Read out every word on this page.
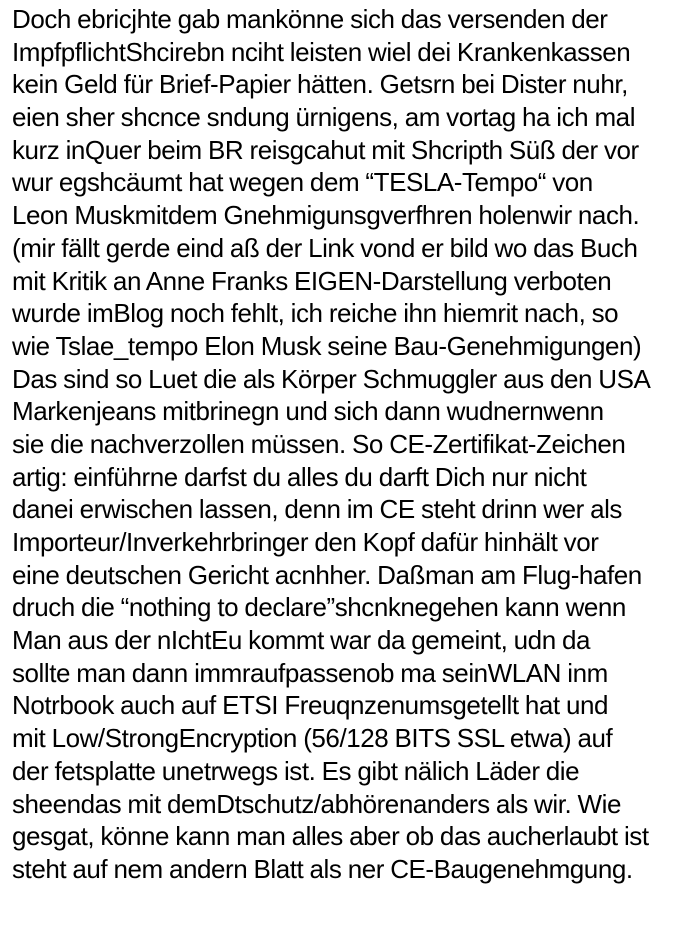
Doch ebricjhte gab mankönne sich das versenden der
ImpfpflichtShcirebn nciht leisten wiel dei Krankenkassen
kein Geld für Brief-Papier hätten. Getsrn bei Dister nuhr,
eien sher shcnce sndung ürnigens, am vortag ha ich mal
kurz inQuer beim BR reisgcahut mit Shcripth Süß der vor
wur egshcäumt hat wegen dem “TESLA-Tempo“ von
Leon Muskmitdem Gnehmigunsgverfhren holenwir nach.
(mir fällt gerde eind aß der Link vond er bild wo das Buch
mit Kritik an Anne Franks EIGEN-Darstellung verboten
wurde imBlog noch fehlt, ich reiche ihn hiemrit nach, so
wie Tslae_tempo Elon Musk seine Bau-Genehmigungen)
Das sind so Luet die als Körper Schmuggler aus den USA
Markenjeans mitbrinegn und sich dann wudnernwenn
sie die nachverzollen müssen. So CE-Zertifikat-Zeichen
artig: einführne darfst du alles du darft Dich nur nicht
danei erwischen lassen, denn im CE steht drinn wer als
Importeur/Inverkehrbringer den Kopf dafür hinhält vor
eine deutschen Gericht acnhher. Daßman am Flug-hafen
druch die “nothing to declare”shcnknegehen kann wenn
Man aus der nIchtEu kommt war da gemeint, udn da
sollte man dann immraufpassenob ma seinWLAN inm
Notrbook auch auf ETSI Freuqnzenumsgetellt hat und
mit Low/StrongEncryption (56/128 BITS SSL etwa) auf
der fetsplatte unetrwegs ist. Es gibt nälich Läder die
sheendas mit demDtschutz/abhörenanders als wir. Wie
gesgat, könne kann man alles aber ob das aucherlaubt ist
steht auf nem andern Blatt als ner CE-Baugenehmgung.
